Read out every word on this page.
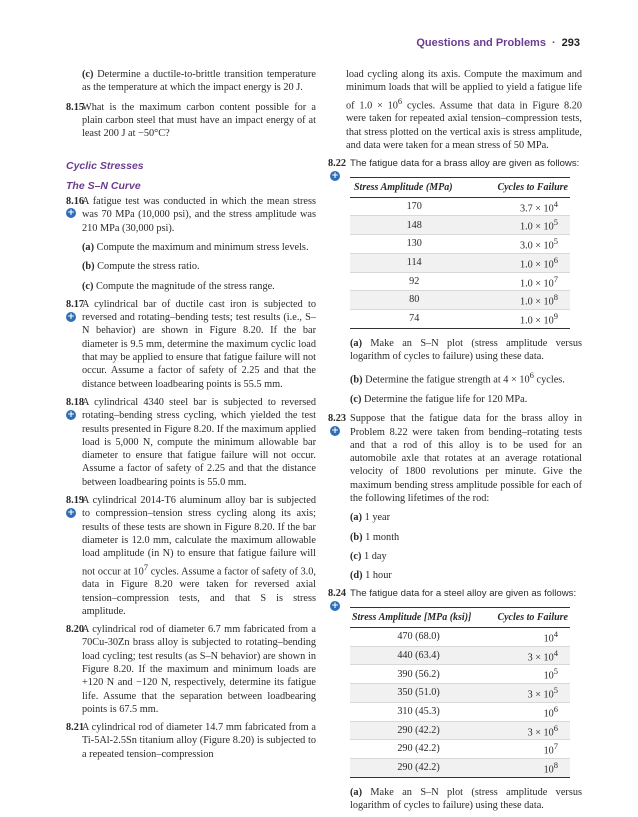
Questions and Problems · 293
(c) Determine a ductile-to-brittle transition temperature as the temperature at which the impact energy is 20 J.
8.15
What is the maximum carbon content possible for a plain carbon steel that must have an impact energy of at least 200 J at −50°C?
Cyclic Stresses
The S–N Curve
8.16
+
A fatigue test was conducted in which the mean stress was 70 MPa (10,000 psi), and the stress amplitude was 210 MPa (30,000 psi).
(a) Compute the maximum and minimum stress levels.
(b) Compute the stress ratio.
(c) Compute the magnitude of the stress range.
8.17
+
A cylindrical bar of ductile cast iron is subjected to reversed and rotating–bending tests; test results (i.e., S–N behavior) are shown in Figure 8.20. If the bar diameter is 9.5 mm, determine the maximum cyclic load that may be applied to ensure that fatigue failure will not occur. Assume a factor of safety of 2.25 and that the distance between loadbearing points is 55.5 mm.
8.18
+
A cylindrical 4340 steel bar is subjected to reversed rotating–bending stress cycling, which yielded the test results presented in Figure 8.20. If the maximum applied load is 5,000 N, compute the minimum allowable bar diameter to ensure that fatigue failure will not occur. Assume a factor of safety of 2.25 and that the distance between loadbearing points is 55.0 mm.
8.19
+
A cylindrical 2014-T6 aluminum alloy bar is subjected to compression–tension stress cycling along its axis; results of these tests are shown in Figure 8.20. If the bar diameter is 12.0 mm, calculate the maximum allowable load amplitude (in N) to ensure that fatigue failure will not occur at $10^7$ cycles. Assume a factor of safety of 3.0, data in Figure 8.20 were taken for reversed axial tension–compression tests, and that S is stress amplitude.
8.20
A cylindrical rod of diameter 6.7 mm fabricated from a 70Cu-30Zn brass alloy is subjected to rotating–bending load cycling; test results (as S–N behavior) are shown in Figure 8.20. If the maximum and minimum loads are +120 N and −120 N, respectively, determine its fatigue life. Assume that the separation between loadbearing points is 67.5 mm.
8.21
A cylindrical rod of diameter 14.7 mm fabricated from a Ti-5Al-2.5Sn titanium alloy (Figure 8.20) is subjected to a repeated tension–compression
load cycling along its axis. Compute the maximum and minimum loads that will be applied to yield a fatigue life of $1.0 \times 10^6$ cycles. Assume that data in Figure 8.20 were taken for repeated axial tension–compression tests, that stress plotted on the vertical axis is stress amplitude, and data were taken for a mean stress of 50 MPa.
8.22
+
The fatigue data for a brass alloy are given as follows:
Stress Amplitude (MPa)	Cycles to Failure
170	$3.7 \times 10^4$
148	$1.0 \times 10^5$
130	$3.0 \times 10^5$
114	$1.0 \times 10^6$
92	$1.0 \times 10^7$
80	$1.0 \times 10^8$
74	$1.0 \times 10^9$
(a) Make an S–N plot (stress amplitude versus logarithm of cycles to failure) using these data.
(b) Determine the fatigue strength at $4 \times 10^6$ cycles.
(c) Determine the fatigue life for 120 MPa.
8.23
+
Suppose that the fatigue data for the brass alloy in Problem 8.22 were taken from bending–rotating tests and that a rod of this alloy is to be used for an automobile axle that rotates at an average rotational velocity of 1800 revolutions per minute. Give the maximum bending stress amplitude possible for each of the following lifetimes of the rod:
(a) 1 year
(b) 1 month
(c) 1 day
(d) 1 hour
8.24
+
The fatigue data for a steel alloy are given as follows:
Stress Amplitude [MPa (ksi)]	Cycles to Failure
470 (68.0)	$10^4$
440 (63.4)	$3 \times 10^4$
390 (56.2)	$10^5$
350 (51.0)	$3 \times 10^5$
310 (45.3)	$10^6$
290 (42.2)	$3 \times 10^6$
290 (42.2)	$10^7$
290 (42.2)	$10^8$
(a) Make an S–N plot (stress amplitude versus logarithm of cycles to failure) using these data.
